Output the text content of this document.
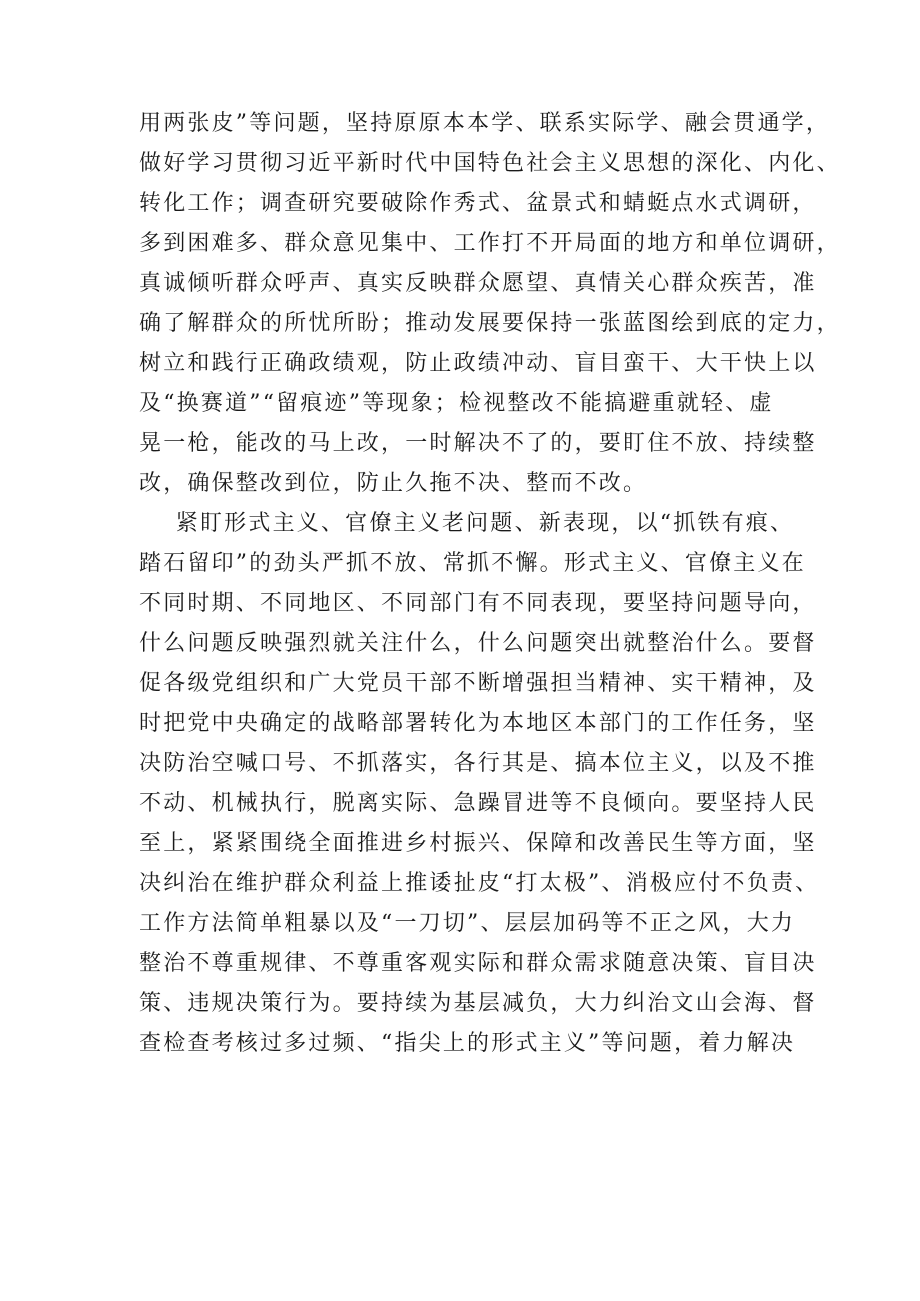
用两张皮”等问题，坚持原原本本学、联系实际学、融会贯通学，
做好学习贯彻习近平新时代中国特色社会主义思想的深化、内化、
转化工作；调查研究要破除作秀式、盆景式和蜻蜓点水式调研，
多到困难多、群众意见集中、工作打不开局面的地方和单位调研，
真诚倾听群众呼声、真实反映群众愿望、真情关心群众疾苦，准
确了解群众的所忧所盼；推动发展要保持一张蓝图绘到底的定力，
树立和践行正确政绩观，防止政绩冲动、盲目蛮干、大干快上以
及“换赛道”“留痕迹”等现象；检视整改不能搞避重就轻、虚
晃一枪，能改的马上改，一时解决不了的，要盯住不放、持续整
改，确保整改到位，防止久拖不决、整而不改。
紧盯形式主义、官僚主义老问题、新表现，以“抓铁有痕、
踏石留印”的劲头严抓不放、常抓不懈。形式主义、官僚主义在
不同时期、不同地区、不同部门有不同表现，要坚持问题导向，
什么问题反映强烈就关注什么，什么问题突出就整治什么。要督
促各级党组织和广大党员干部不断增强担当精神、实干精神，及
时把党中央确定的战略部署转化为本地区本部门的工作任务，坚
决防治空喊口号、不抓落实，各行其是、搞本位主义，以及不推
不动、机械执行，脱离实际、急躁冒进等不良倾向。要坚持人民
至上，紧紧围绕全面推进乡村振兴、保障和改善民生等方面，坚
决纠治在维护群众利益上推诿扯皮“打太极”、消极应付不负责、
工作方法简单粗暴以及“一刀切”、层层加码等不正之风，大力
整治不尊重规律、不尊重客观实际和群众需求随意决策、盲目决
策、违规决策行为。要持续为基层减负，大力纠治文山会海、督
查检查考核过多过频、“指尖上的形式主义”等问题，着力解决
